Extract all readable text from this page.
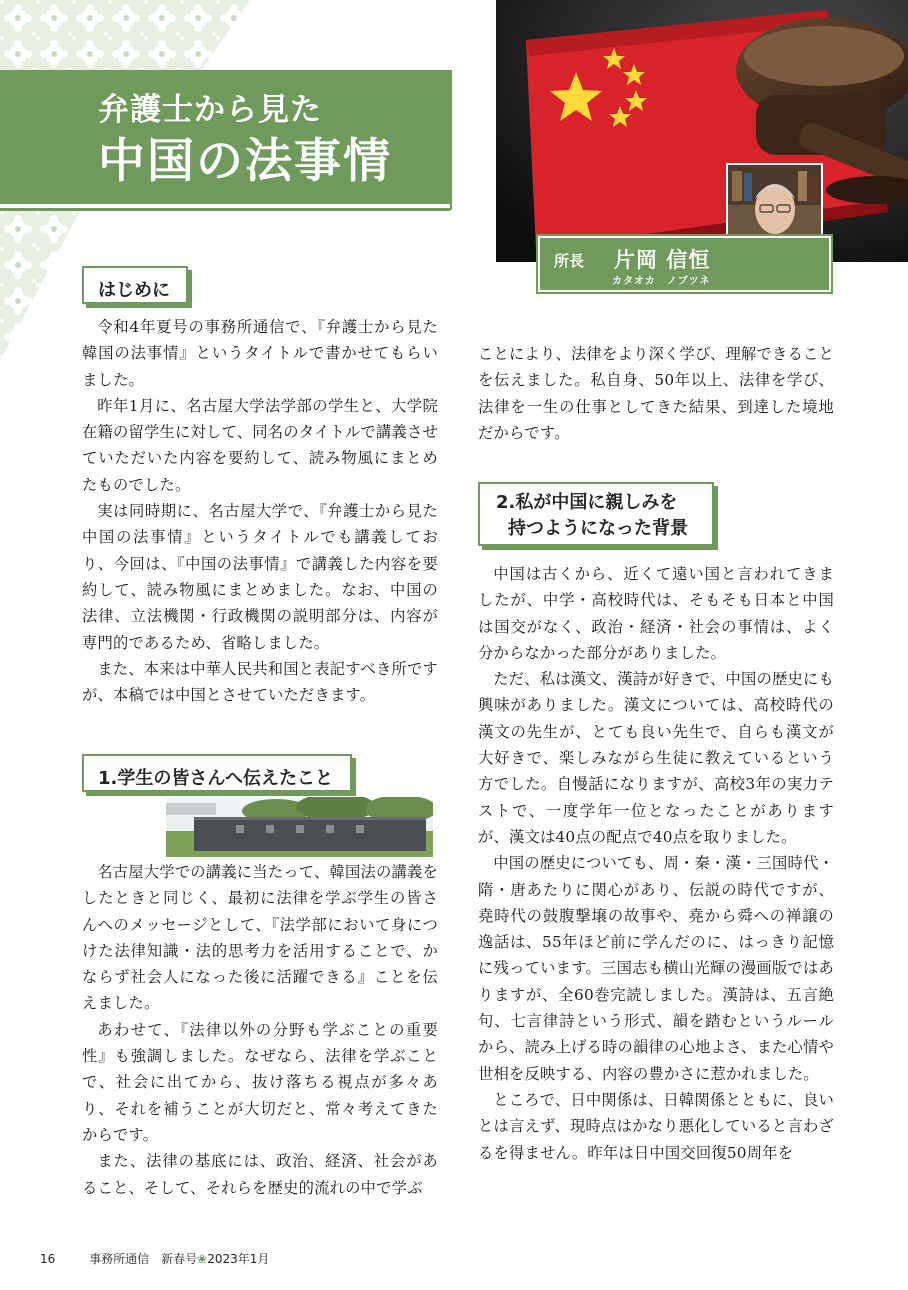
弁護士から見た
中国の法事情
所長 片岡 信恒
カタオカ　ノブツネ
はじめに

令和4年夏号の事務所通信で、『弁護士から見た韓国の法事情』というタイトルで書かせてもらいました。

昨年1月に、名古屋大学法学部の学生と、大学院在籍の留学生に対して、同名のタイトルで講義させていただいた内容を要約して、読み物風にまとめたものでした。

実は同時期に、名古屋大学で、『弁護士から見た中国の法事情』というタイトルでも講義しており、今回は、『中国の法事情』で講義した内容を要約して、読み物風にまとめました。なお、中国の法律、立法機関・行政機関の説明部分は、内容が専門的であるため、省略しました。

また、本来は中華人民共和国と表記すべき所ですが、本稿では中国とさせていただきます。

1.学生の皆さんへ伝えたこと

名古屋大学での講義に当たって、韓国法の講義をしたときと同じく、最初に法律を学ぶ学生の皆さんへのメッセージとして、『法学部において身につけた法律知識・法的思考力を活用することで、かならず社会人になった後に活躍できる』ことを伝えました。

あわせて、『法律以外の分野も学ぶことの重要性』も強調しました。なぜなら、法律を学ぶことで、社会に出てから、抜け落ちる視点が多々あり、それを補うことが大切だと、常々考えてきたからです。

また、法律の基底には、政治、経済、社会があること、そして、それらを歴史的流れの中で学ぶ

ことにより、法律をより深く学び、理解できることを伝えました。私自身、50年以上、法律を学び、法律を一生の仕事としてきた結果、到達した境地だからです。

2.私が中国に親しみを
持つようになった背景

中国は古くから、近くて遠い国と言われてきましたが、中学・高校時代は、そもそも日本と中国は国交がなく、政治・経済・社会の事情は、よく分からなかった部分がありました。

ただ、私は漢文、漢詩が好きで、中国の歴史にも興味がありました。漢文については、高校時代の漢文の先生が、とても良い先生で、自らも漢文が大好きで、楽しみながら生徒に教えているという方でした。自慢話になりますが、高校3年の実力テストで、一度学年一位となったことがありますが、漢文は40点の配点で40点を取りました。

中国の歴史についても、周・秦・漢・三国時代・隋・唐あたりに関心があり、伝説の時代ですが、堯時代の鼓腹撃壌の故事や、堯から舜への禅譲の逸話は、55年ほど前に学んだのに、はっきり記憶に残っています。三国志も横山光輝の漫画版ではありますが、全60巻完読しました。漢詩は、五言絶句、七言律詩という形式、韻を踏むというルールから、読み上げる時の韻律の心地よさ、また心情や世相を反映する、内容の豊かさに惹かれました。

ところで、日中関係は、日韓関係とともに、良いとは言えず、現時点はかなり悪化していると言わざるを得ません。昨年は日中国交回復50周年を

16	事務所通信　新春号❀2023年1月
